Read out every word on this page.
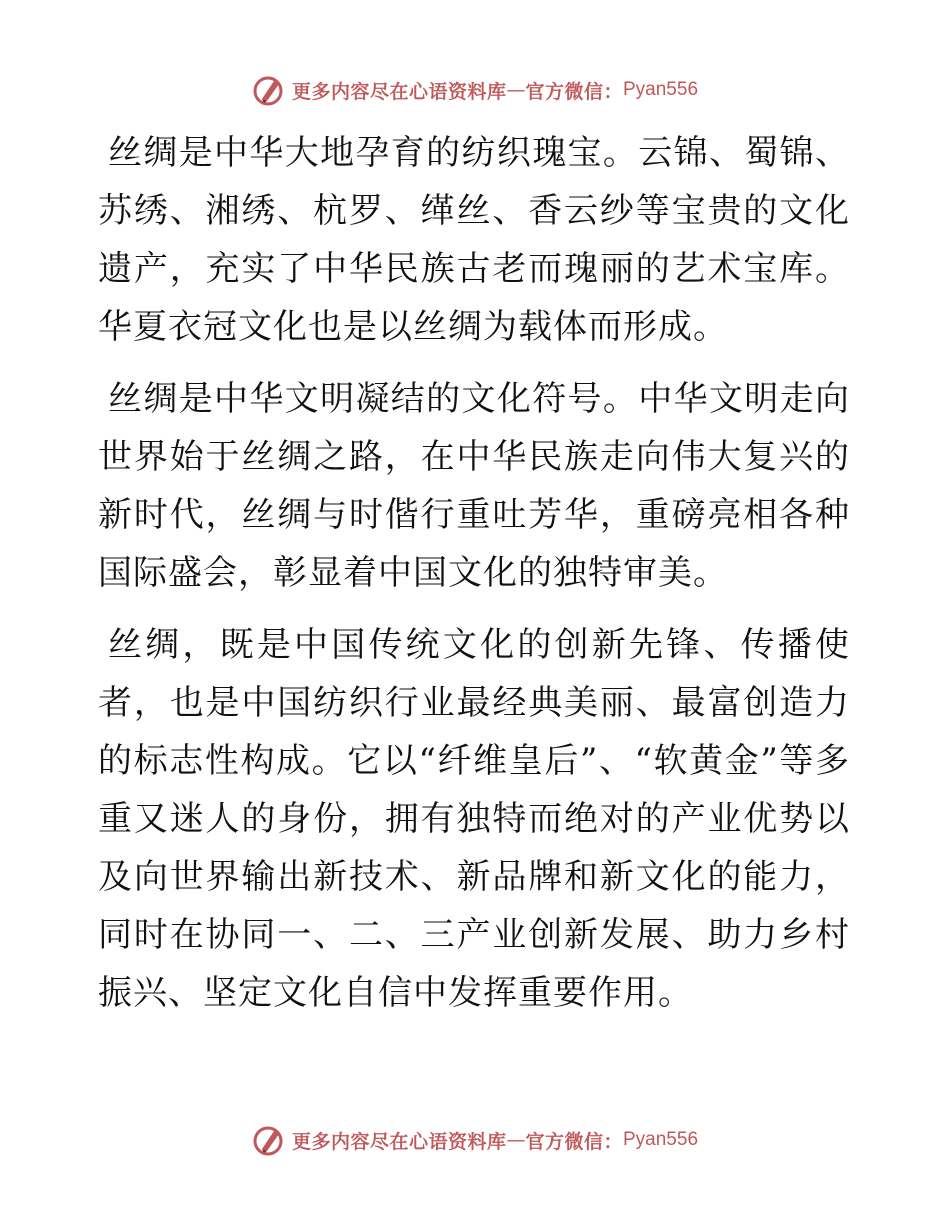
更多内容尽在心语资料库 — 官方微信： Pyan556

丝绸是中华大地孕育的纺织瑰宝。云锦、蜀锦、苏绣、湘绣、杭罗、缂丝、香云纱等宝贵的文化遗产，充实了中华民族古老而瑰丽的艺术宝库。华夏衣冠文化也是以丝绸为载体而形成。

丝绸是中华文明凝结的文化符号。中华文明走向世界始于丝绸之路，在中华民族走向伟大复兴的新时代，丝绸与时偕行重吐芳华，重磅亮相各种国际盛会，彰显着中国文化的独特审美。

丝绸，既是中国传统文化的创新先锋、传播使者，也是中国纺织行业最经典美丽、最富创造力的标志性构成。它以“纤维皇后”、“软黄金”等多重又迷人的身份，拥有独特而绝对的产业优势以及向世界输出新技术、新品牌和新文化的能力，同时在协同一、二、三产业创新发展、助力乡村振兴、坚定文化自信中发挥重要作用。

更多内容尽在心语资料库 — 官方微信： Pyan556
